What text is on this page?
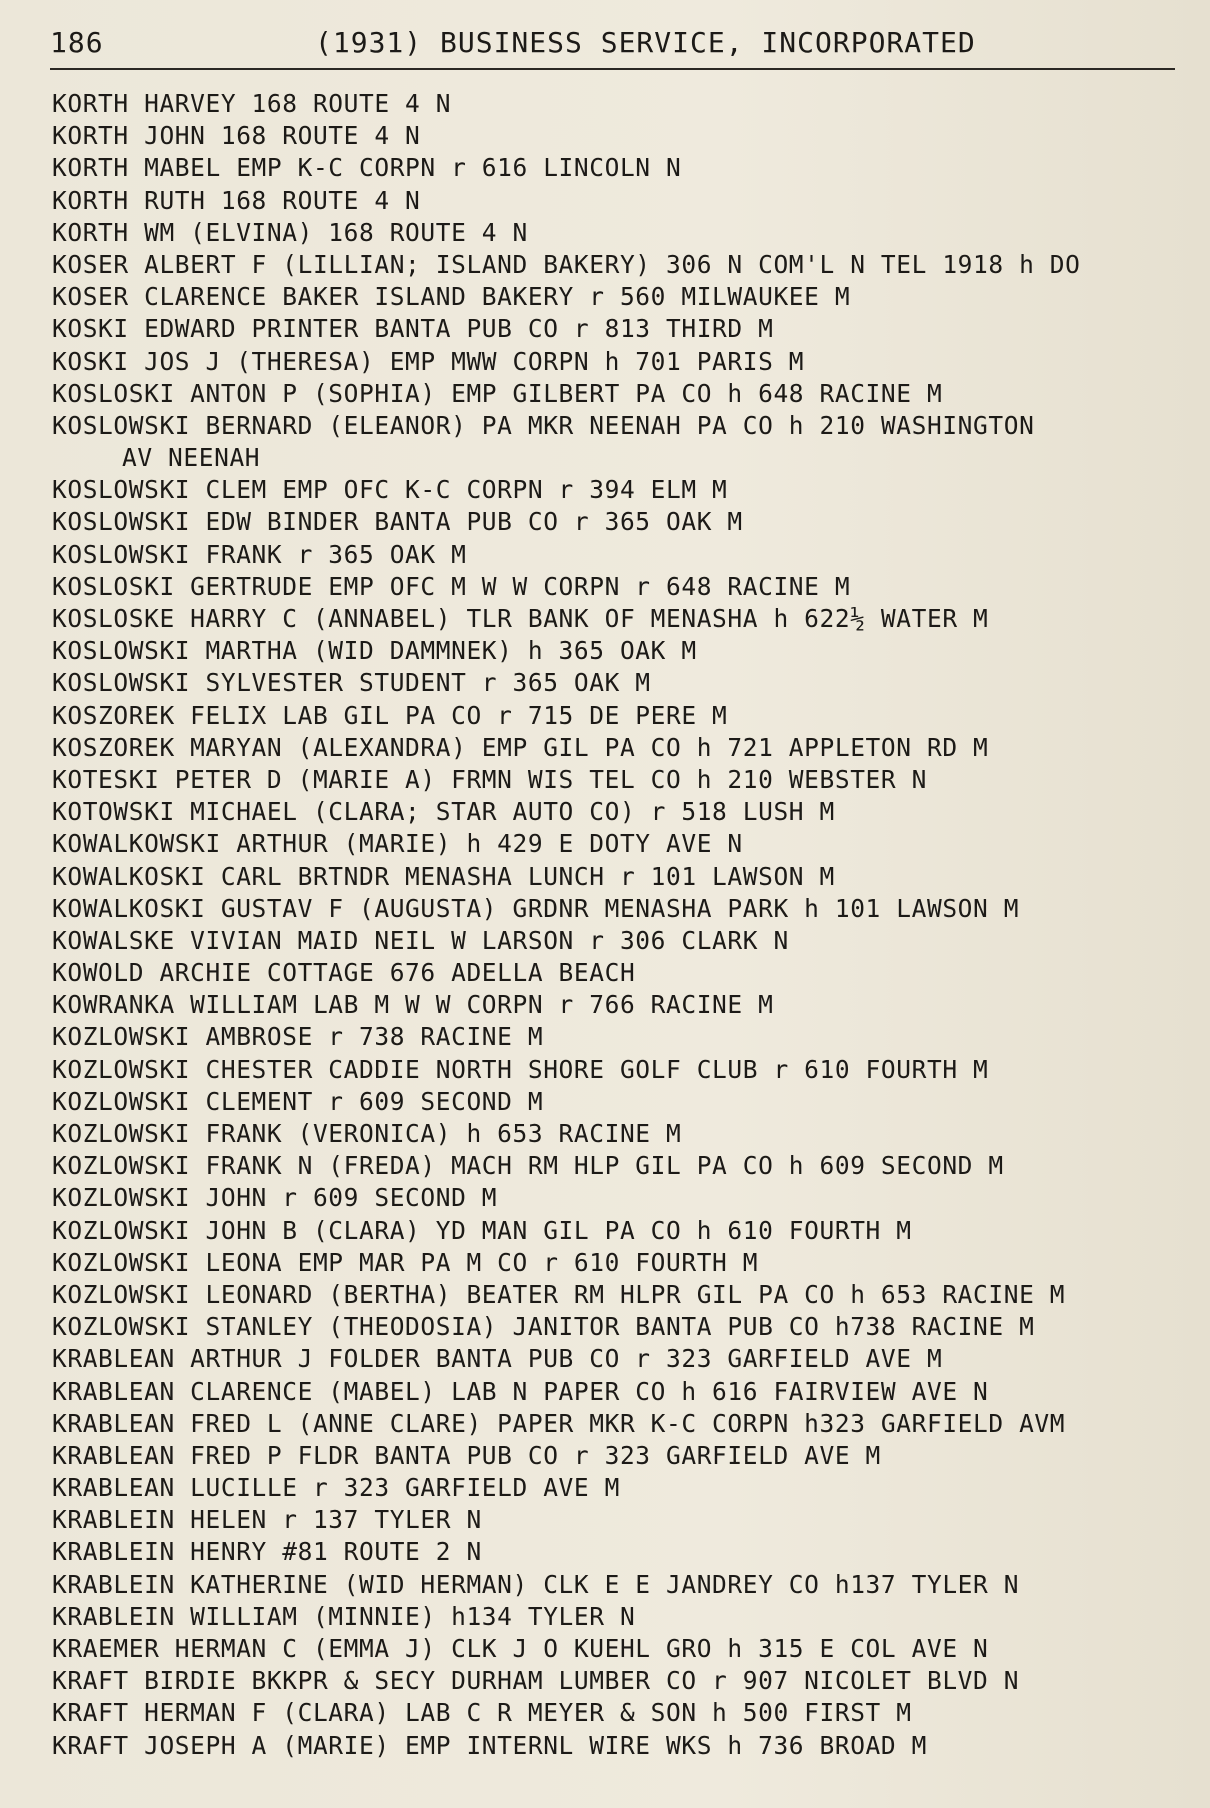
186	(1931) BUSINESS SERVICE, INCORPORATED
KORTH HARVEY 168 ROUTE 4 N
KORTH JOHN 168 ROUTE 4 N
KORTH MABEL EMP K-C CORPN r 616 LINCOLN N
KORTH RUTH 168 ROUTE 4 N
KORTH WM (ELVINA) 168 ROUTE 4 N
KOSER ALBERT F (LILLIAN; ISLAND BAKERY) 306 N COM'L N TEL 1918 h DO
KOSER CLARENCE BAKER ISLAND BAKERY r 560 MILWAUKEE M
KOSKI EDWARD PRINTER BANTA PUB CO r 813 THIRD M
KOSKI JOS J (THERESA) EMP MWW CORPN h 701 PARIS M
KOSLOSKI ANTON P (SOPHIA) EMP GILBERT PA CO h 648 RACINE M
KOSLOWSKI BERNARD (ELEANOR) PA MKR NEENAH PA CO h 210 WASHINGTON
AV NEENAH
KOSLOWSKI CLEM EMP OFC K-C CORPN r 394 ELM M
KOSLOWSKI EDW BINDER BANTA PUB CO r 365 OAK M
KOSLOWSKI FRANK r 365 OAK M
KOSLOSKI GERTRUDE EMP OFC M W W CORPN r 648 RACINE M
KOSLOSKE HARRY C (ANNABEL) TLR BANK OF MENASHA h 622½ WATER M
KOSLOWSKI MARTHA (WID DAMMNEK) h 365 OAK M
KOSLOWSKI SYLVESTER STUDENT r 365 OAK M
KOSZOREK FELIX LAB GIL PA CO r 715 DE PERE M
KOSZOREK MARYAN (ALEXANDRA) EMP GIL PA CO h 721 APPLETON RD M
KOTESKI PETER D (MARIE A) FRMN WIS TEL CO h 210 WEBSTER N
KOTOWSKI MICHAEL (CLARA; STAR AUTO CO) r 518 LUSH M
KOWALKOWSKI ARTHUR (MARIE) h 429 E DOTY AVE N
KOWALKOSKI CARL BRTNDR MENASHA LUNCH r 101 LAWSON M
KOWALKOSKI GUSTAV F (AUGUSTA) GRDNR MENASHA PARK h 101 LAWSON M
KOWALSKE VIVIAN MAID NEIL W LARSON r 306 CLARK N
KOWOLD ARCHIE COTTAGE 676 ADELLA BEACH
KOWRANKA WILLIAM LAB M W W CORPN r 766 RACINE M
KOZLOWSKI AMBROSE r 738 RACINE M
KOZLOWSKI CHESTER CADDIE NORTH SHORE GOLF CLUB r 610 FOURTH M
KOZLOWSKI CLEMENT r 609 SECOND M
KOZLOWSKI FRANK (VERONICA) h 653 RACINE M
KOZLOWSKI FRANK N (FREDA) MACH RM HLP GIL PA CO h 609 SECOND M
KOZLOWSKI JOHN r 609 SECOND M
KOZLOWSKI JOHN B (CLARA) YD MAN GIL PA CO h 610 FOURTH M
KOZLOWSKI LEONA EMP MAR PA M CO r 610 FOURTH M
KOZLOWSKI LEONARD (BERTHA) BEATER RM HLPR GIL PA CO h 653 RACINE M
KOZLOWSKI STANLEY (THEODOSIA) JANITOR BANTA PUB CO h738 RACINE M
KRABLEAN ARTHUR J FOLDER BANTA PUB CO r 323 GARFIELD AVE M
KRABLEAN CLARENCE (MABEL) LAB N PAPER CO h 616 FAIRVIEW AVE N
KRABLEAN FRED L (ANNE CLARE) PAPER MKR K-C CORPN h323 GARFIELD AVM
KRABLEAN FRED P FLDR BANTA PUB CO r 323 GARFIELD AVE M
KRABLEAN LUCILLE r 323 GARFIELD AVE M
KRABLEIN HELEN r 137 TYLER N
KRABLEIN HENRY #81 ROUTE 2 N
KRABLEIN KATHERINE (WID HERMAN) CLK E E JANDREY CO h137 TYLER N
KRABLEIN WILLIAM (MINNIE) h134 TYLER N
KRAEMER HERMAN C (EMMA J) CLK J O KUEHL GRO h 315 E COL AVE N
KRAFT BIRDIE BKKPR & SECY DURHAM LUMBER CO r 907 NICOLET BLVD N
KRAFT HERMAN F (CLARA) LAB C R MEYER & SON h 500 FIRST M
KRAFT JOSEPH A (MARIE) EMP INTERNL WIRE WKS h 736 BROAD M
